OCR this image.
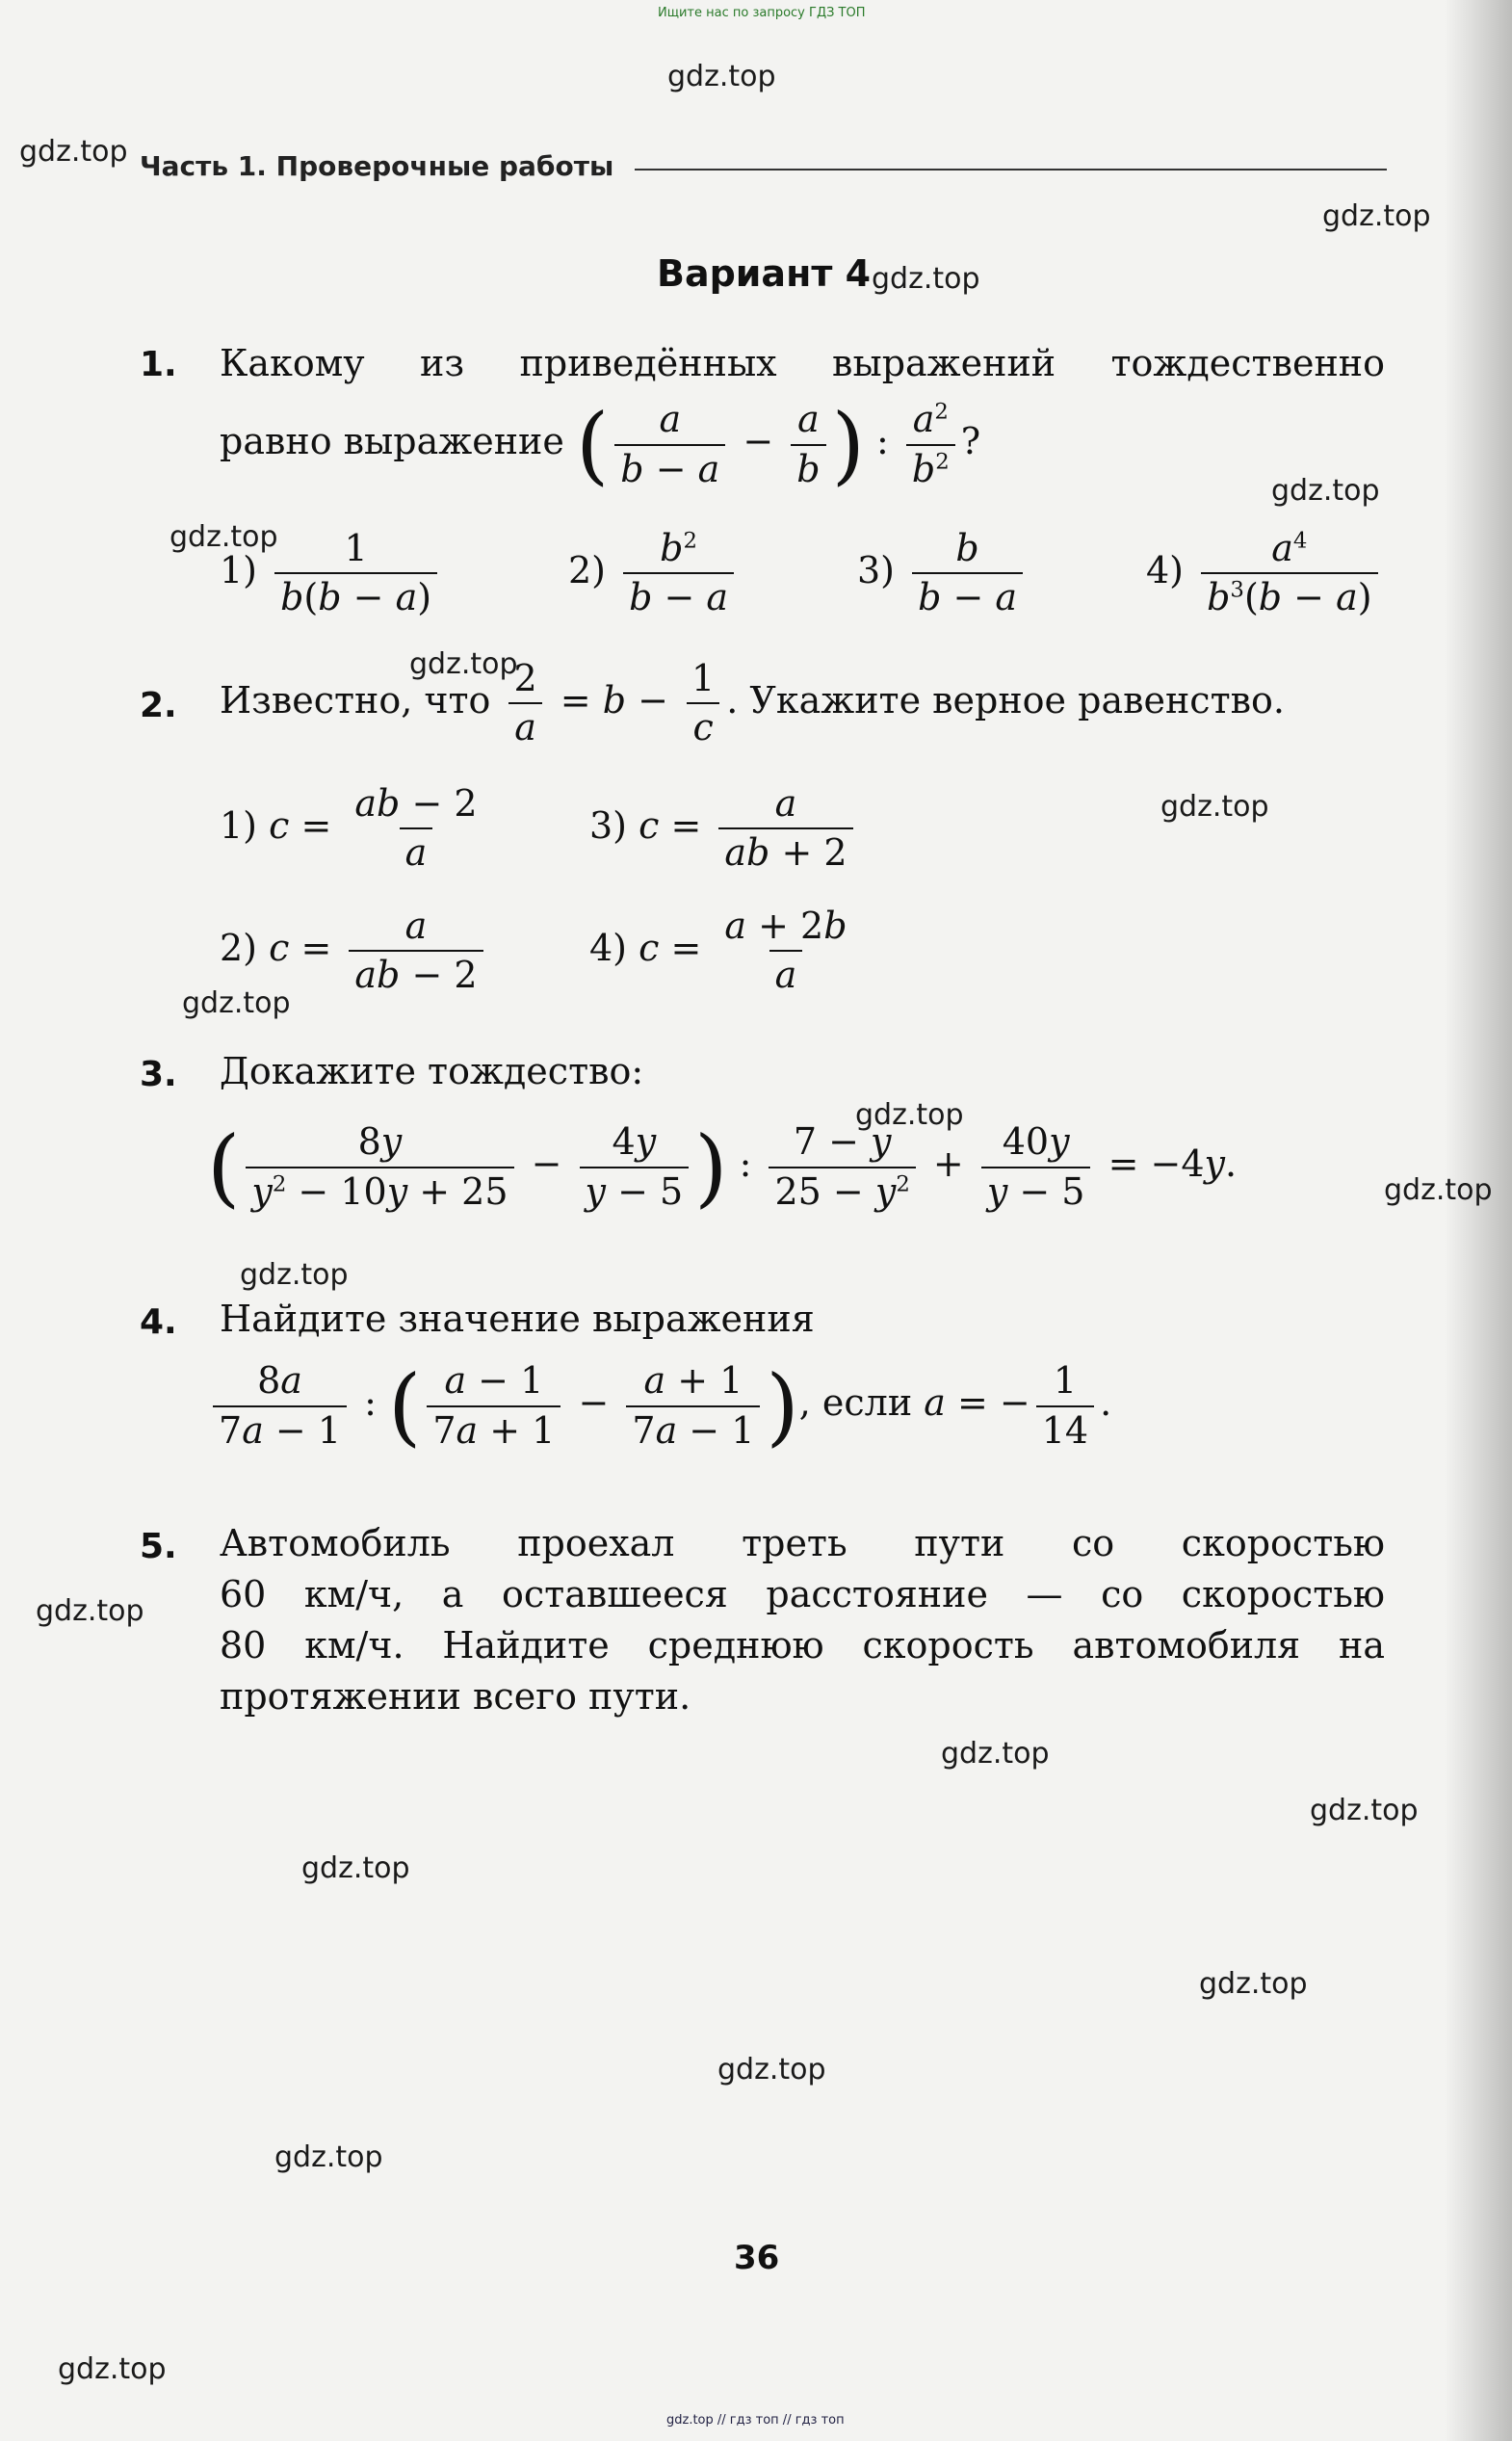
Ищите нас по запросу ГДЗ ТОП
gdz.top
gdz.top
gdz.top
gdz.top
gdz.top
gdz.top
gdz.top
gdz.top
gdz.top
gdz.top
gdz.top
gdz.top
gdz.top
gdz.top
gdz.top
gdz.top
gdz.top
gdz.top
gdz.top
gdz.top
Часть 1. Проверочные работы
Вариант 4
1. Какому из приведённых выражений тождественно
равно выражение ( $\frac{a}{b - a} - \frac{a}{b}$ ) : $\frac{a^2}{b^2}$ ?
$1) \frac{1}{b(b - a)}$	$2) \frac{b^2}{b - a}$	$3) \frac{b}{b - a}$	$4) \frac{a^4}{b^3(b - a)}$
2. Известно, что $\frac{2}{a} = b - \frac{1}{c}$ . Укажите верное равенство.
1) $c = \frac{ab - 2}{a}$	3) $c = \frac{a}{ab + 2}$
2) $c = \frac{a}{ab - 2}$	4) $c = \frac{a + 2b}{a}$
3. Докажите тождество:
( $\frac{8y}{y^2 - 10y + 25} - \frac{4y}{y - 5}$ ) : $\frac{7 - y}{25 - y^2} + \frac{40y}{y - 5} = -4y$.
4. Найдите значение выражения
$\frac{8a}{7a - 1}$ : ( $\frac{a - 1}{7a + 1} - \frac{a + 1}{7a - 1}$ ), если a = − $\frac{1}{14}$ .
5. Автомобиль проехал треть пути со скоростью
60 км/ч, а оставшееся расстояние — со скоростью
80 км/ч. Найдите среднюю скорость автомобиля на
протяжении всего пути.
36
gdz.top // гдз топ // гдз топ
